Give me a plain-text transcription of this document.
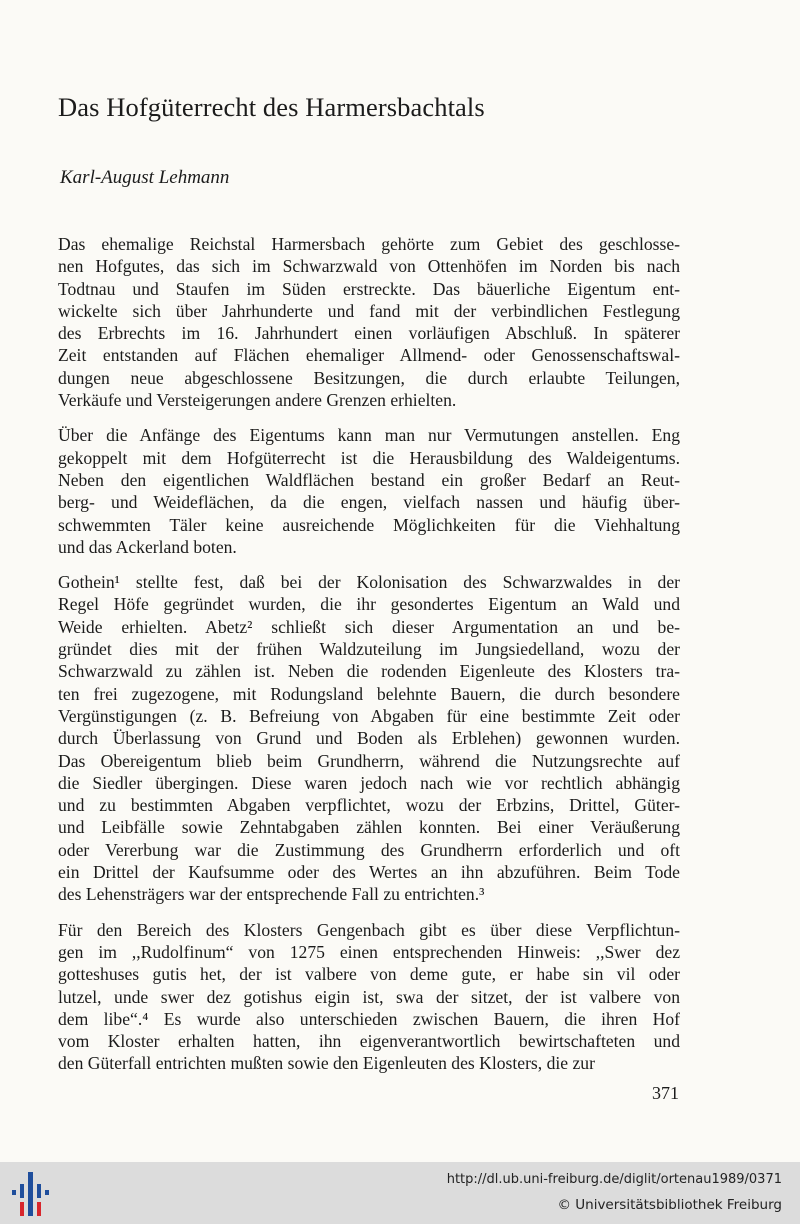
Das Hofgüterrecht des Harmersbachtals
Karl-August Lehmann

Das ehemalige Reichstal Harmersbach gehörte zum Gebiet des geschlosse-
nen Hofgutes, das sich im Schwarzwald von Ottenhöfen im Norden bis nach
Todtnau und Staufen im Süden erstreckte. Das bäuerliche Eigentum ent-
wickelte sich über Jahrhunderte und fand mit der verbindlichen Festlegung
des Erbrechts im 16. Jahrhundert einen vorläufigen Abschluß. In späterer
Zeit entstanden auf Flächen ehemaliger Allmend- oder Genossenschaftswal-
dungen neue abgeschlossene Besitzungen, die durch erlaubte Teilungen,
Verkäufe und Versteigerungen andere Grenzen erhielten.

Über die Anfänge des Eigentums kann man nur Vermutungen anstellen. Eng
gekoppelt mit dem Hofgüterrecht ist die Herausbildung des Waldeigentums.
Neben den eigentlichen Waldflächen bestand ein großer Bedarf an Reut-
berg- und Weideflächen, da die engen, vielfach nassen und häufig über-
schwemmten Täler keine ausreichende Möglichkeiten für die Viehhaltung
und das Ackerland boten.

Gothein¹ stellte fest, daß bei der Kolonisation des Schwarzwaldes in der
Regel Höfe gegründet wurden, die ihr gesondertes Eigentum an Wald und
Weide erhielten. Abetz² schließt sich dieser Argumentation an und be-
gründet dies mit der frühen Waldzuteilung im Jungsiedelland, wozu der
Schwarzwald zu zählen ist. Neben die rodenden Eigenleute des Klosters tra-
ten frei zugezogene, mit Rodungsland belehnte Bauern, die durch besondere
Vergünstigungen (z. B. Befreiung von Abgaben für eine bestimmte Zeit oder
durch Überlassung von Grund und Boden als Erblehen) gewonnen wurden.
Das Obereigentum blieb beim Grundherrn, während die Nutzungsrechte auf
die Siedler übergingen. Diese waren jedoch nach wie vor rechtlich abhängig
und zu bestimmten Abgaben verpflichtet, wozu der Erbzins, Drittel, Güter-
und Leibfälle sowie Zehntabgaben zählen konnten. Bei einer Veräußerung
oder Vererbung war die Zustimmung des Grundherrn erforderlich und oft
ein Drittel der Kaufsumme oder des Wertes an ihn abzuführen. Beim Tode
des Lehensträgers war der entsprechende Fall zu entrichten.³

Für den Bereich des Klosters Gengenbach gibt es über diese Verpflichtun-
gen im ,,Rudolfinum“ von 1275 einen entsprechenden Hinweis: ,,Swer dez
gotteshuses gutis het, der ist valbere von deme gute, er habe sin vil oder
lutzel, unde swer dez gotishus eigin ist, swa der sitzet, der ist valbere von
dem libe“.⁴ Es wurde also unterschieden zwischen Bauern, die ihren Hof
vom Kloster erhalten hatten, ihn eigenverantwortlich bewirtschafteten und
den Güterfall entrichten mußten sowie den Eigenleuten des Klosters, die zur

371
http://dl.ub.uni-freiburg.de/diglit/ortenau1989/0371
© Universitätsbibliothek Freiburg
